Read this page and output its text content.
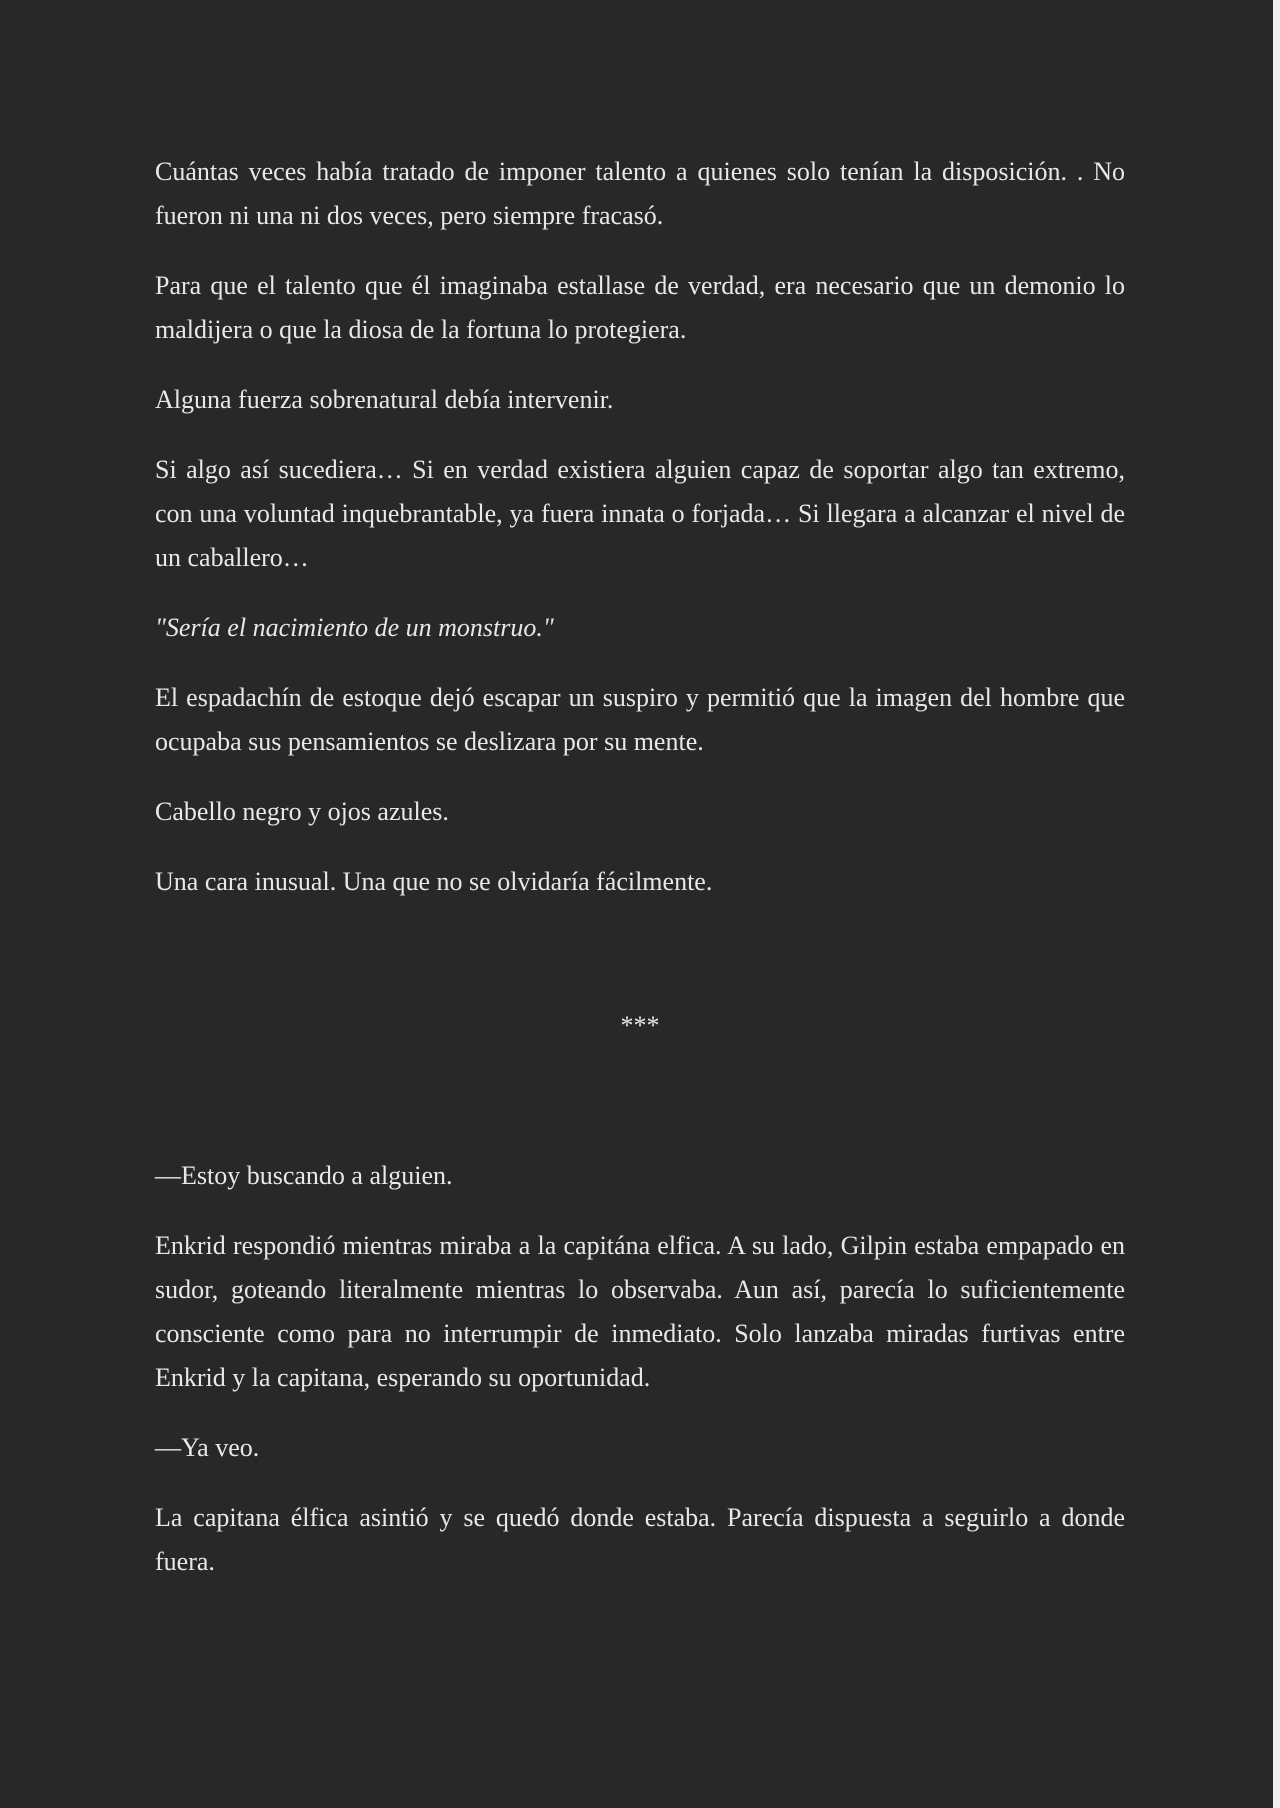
Cuántas veces había tratado de imponer talento a quienes solo tenían la disposición. . No fueron ni una ni dos veces, pero siempre fracasó.

Para que el talento que él imaginaba estallase de verdad, era necesario que un demonio lo maldijera o que la diosa de la fortuna lo protegiera.

Alguna fuerza sobrenatural debía intervenir.

Si algo así sucediera… Si en verdad existiera alguien capaz de soportar algo tan extremo, con una voluntad inquebrantable, ya fuera innata o forjada… Si llegara a alcanzar el nivel de un caballero…

"Sería el nacimiento de un monstruo."

El espadachín de estoque dejó escapar un suspiro y permitió que la imagen del hombre que ocupaba sus pensamientos se deslizara por su mente.

Cabello negro y ojos azules.

Una cara inusual. Una que no se olvidaría fácilmente.

***

—Estoy buscando a alguien.

Enkrid respondió mientras miraba a la capitána elfica. A su lado, Gilpin estaba empapado en sudor, goteando literalmente mientras lo observaba. Aun así, parecía lo suficientemente consciente como para no interrumpir de inmediato. Solo lanzaba miradas furtivas entre Enkrid y la capitana, esperando su oportunidad.

—Ya veo.

La capitana élfica asintió y se quedó donde estaba. Parecía dispuesta a seguirlo a donde fuera.
